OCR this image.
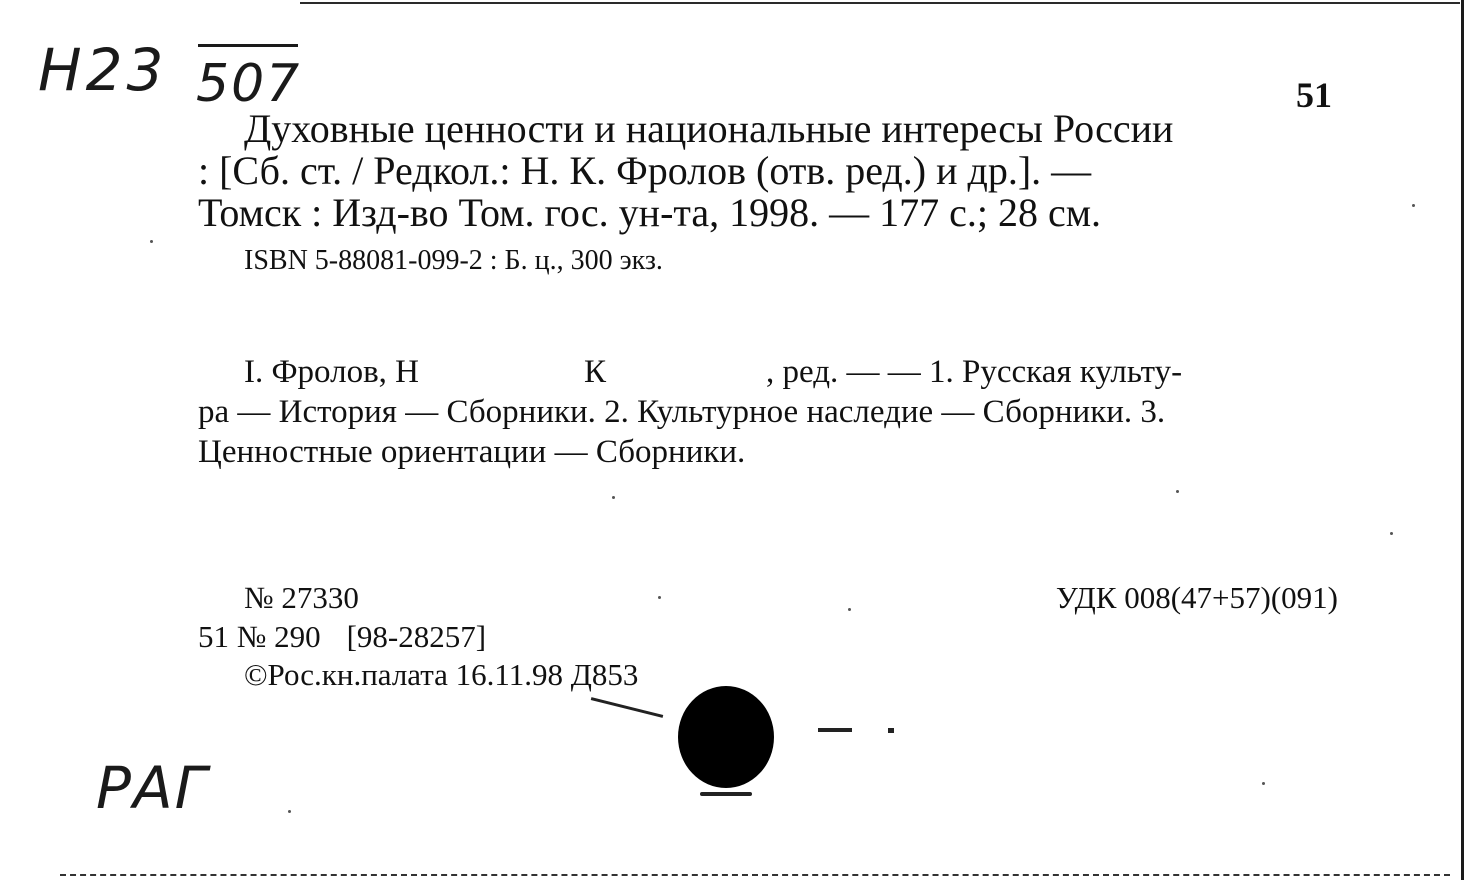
Н23 507	51

Духовные ценности и национальные интересы России
: [Сб. ст. / Редкол.: Н. К. Фролов (отв. ред.) и др.]. —
Томск : Изд-во Том. гос. ун-та, 1998. — 177 с.; 28 см.

ISBN 5-88081-099-2 : Б. ц., 300 экз.

I. Фролов, Н	К	, ред. — — 1. Русская культу-
ра — История — Сборники. 2. Культурное наследие — Сборники. 3.
Ценностные ориентации — Сборники.

№ 27330	УДК 008(47+57)(091)

51 № 290 [98-28257]

©Рос.кн.палата 16.11.98 Д853

РАГ
